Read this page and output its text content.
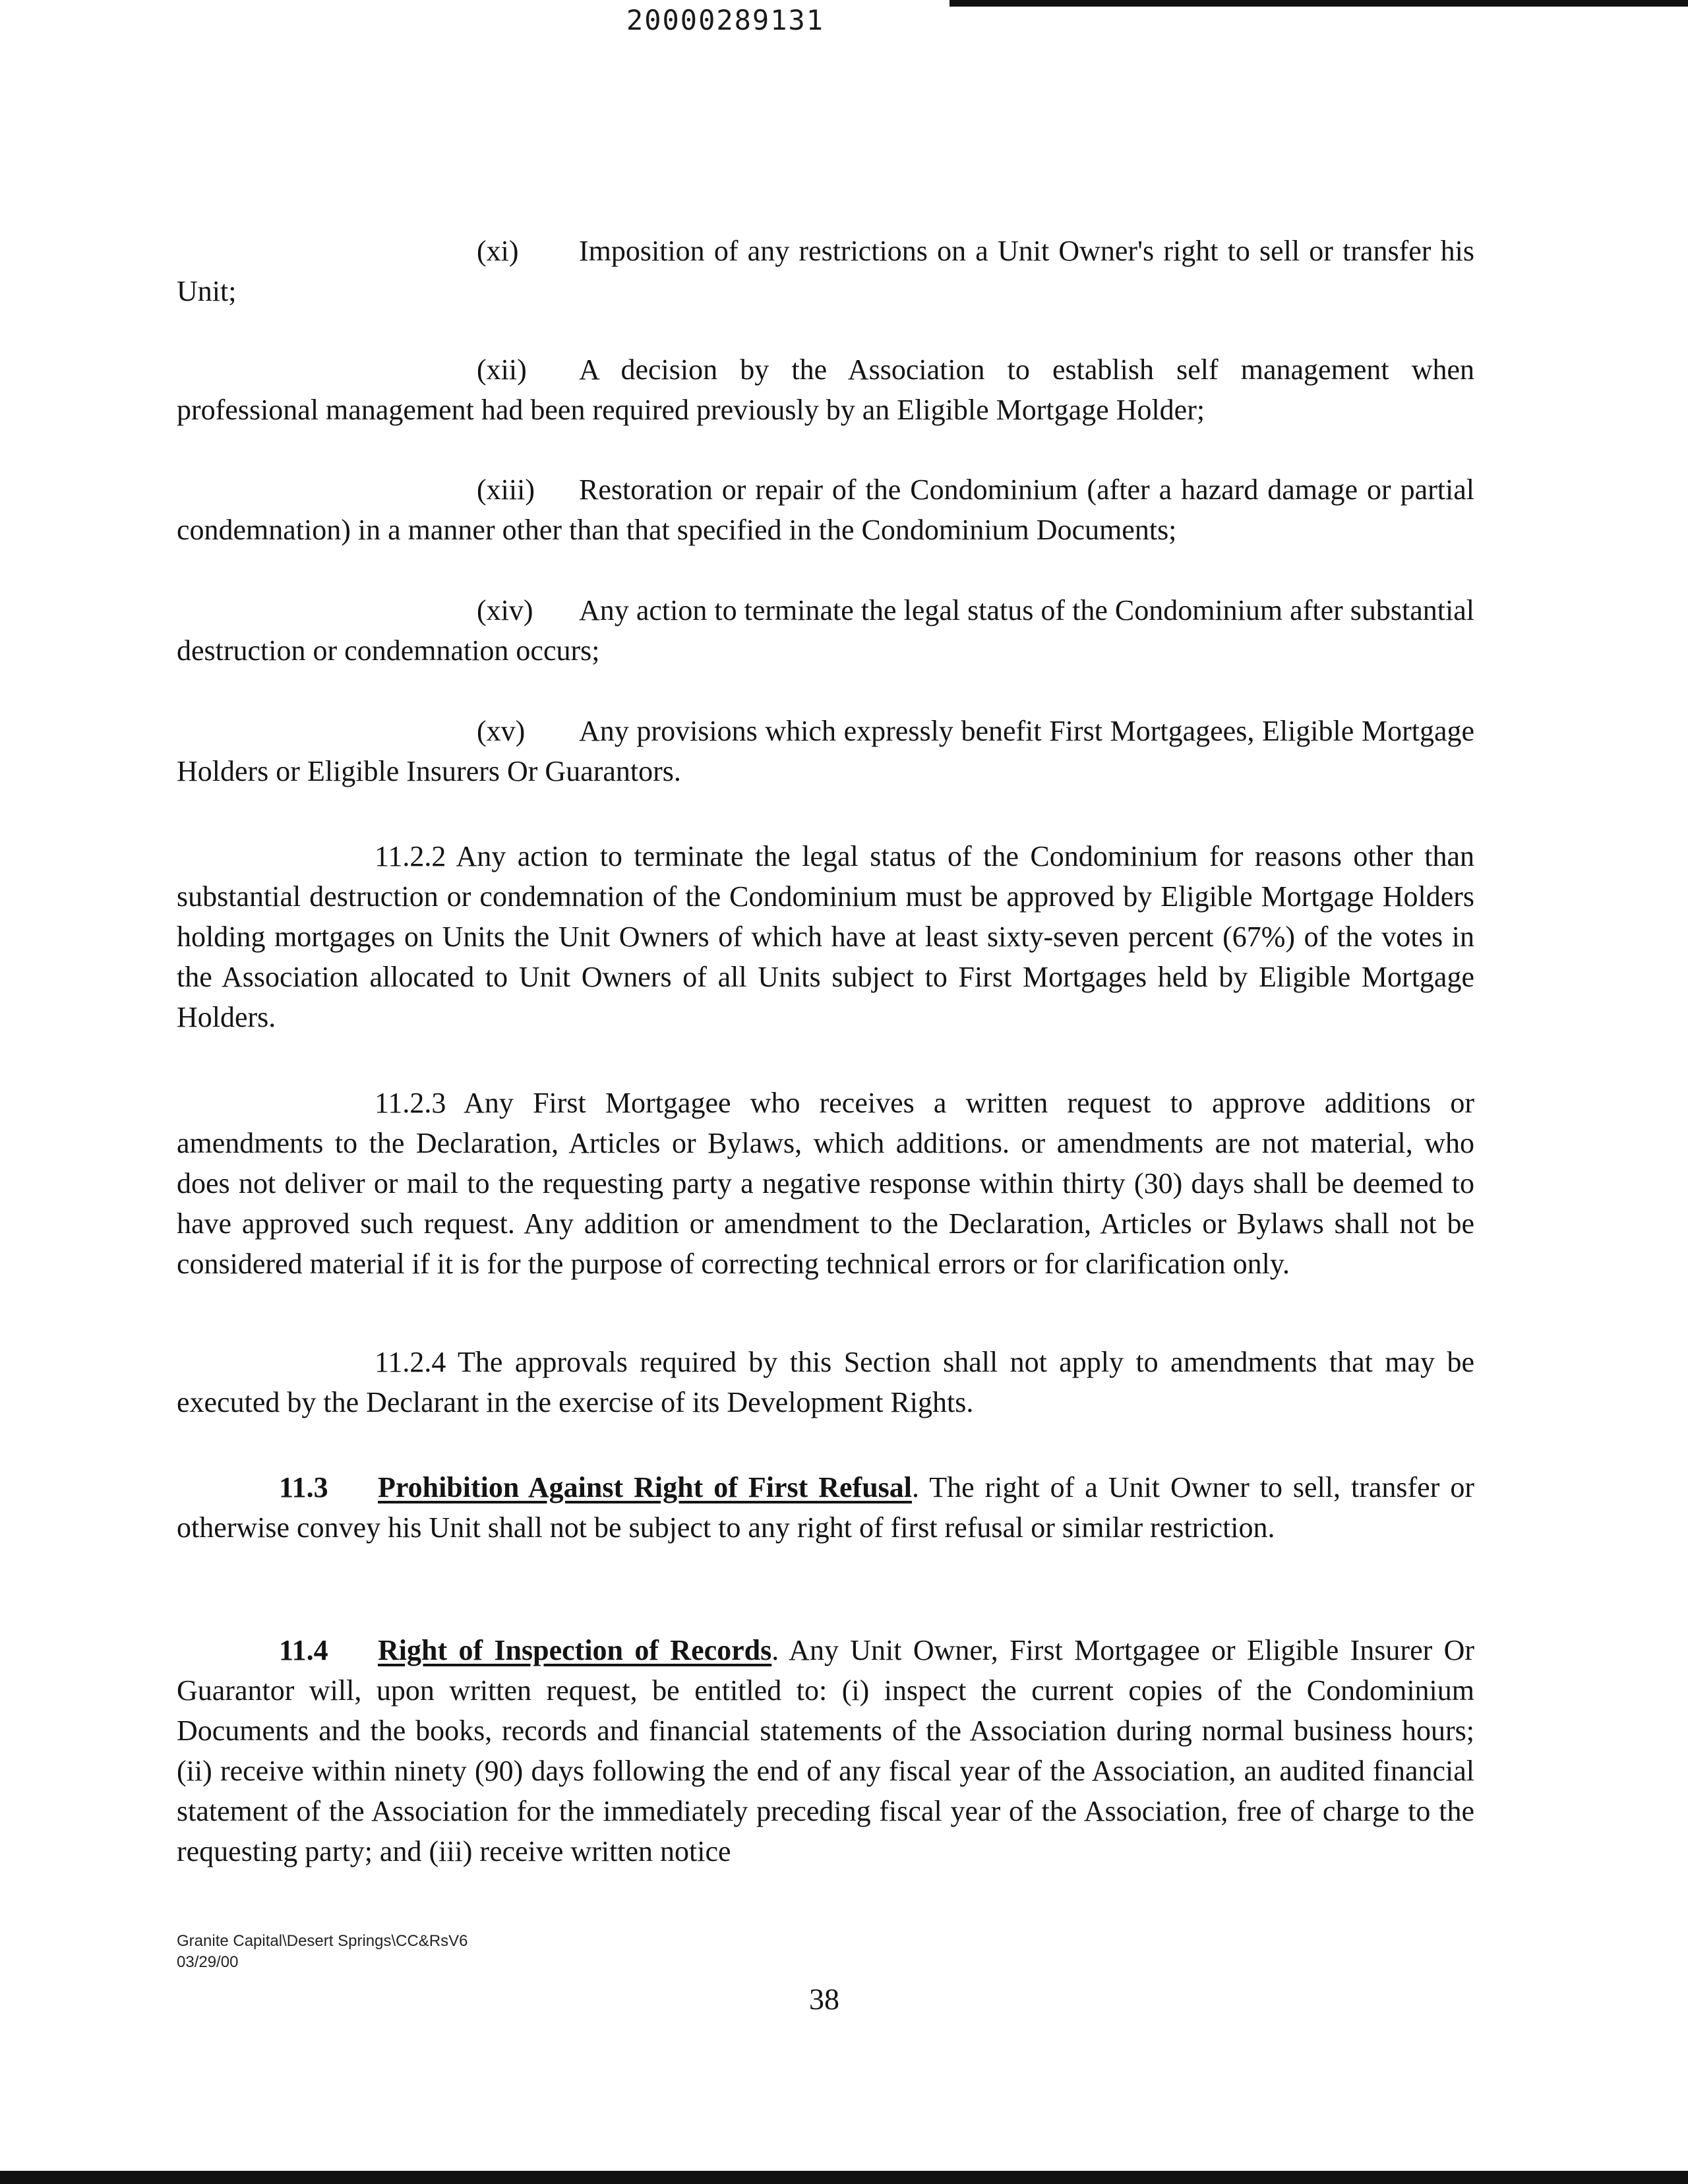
20000289131

(xi) Imposition of any restrictions on a Unit Owner's right to sell or transfer his Unit;

(xii) A decision by the Association to establish self management when professional management had been required previously by an Eligible Mortgage Holder;

(xiii) Restoration or repair of the Condominium (after a hazard damage or partial condemnation) in a manner other than that specified in the Condominium Documents;

(xiv) Any action to terminate the legal status of the Condominium after substantial destruction or condemnation occurs;

(xv) Any provisions which expressly benefit First Mortgagees, Eligible Mortgage Holders or Eligible Insurers Or Guarantors.

11.2.2 Any action to terminate the legal status of the Condominium for reasons other than substantial destruction or condemnation of the Condominium must be approved by Eligible Mortgage Holders holding mortgages on Units the Unit Owners of which have at least sixty-seven percent (67%) of the votes in the Association allocated to Unit Owners of all Units subject to First Mortgages held by Eligible Mortgage Holders.

11.2.3 Any First Mortgagee who receives a written request to approve additions or amendments to the Declaration, Articles or Bylaws, which additions. or amendments are not material, who does not deliver or mail to the requesting party a negative response within thirty (30) days shall be deemed to have approved such request. Any addition or amendment to the Declaration, Articles or Bylaws shall not be considered material if it is for the purpose of correcting technical errors or for clarification only.

11.2.4 The approvals required by this Section shall not apply to amendments that may be executed by the Declarant in the exercise of its Development Rights.

11.3 Prohibition Against Right of First Refusal. The right of a Unit Owner to sell, transfer or otherwise convey his Unit shall not be subject to any right of first refusal or similar restriction.

11.4 Right of Inspection of Records. Any Unit Owner, First Mortgagee or Eligible Insurer Or Guarantor will, upon written request, be entitled to: (i) inspect the current copies of the Condominium Documents and the books, records and financial statements of the Association during normal business hours; (ii) receive within ninety (90) days following the end of any fiscal year of the Association, an audited financial statement of the Association for the immediately preceding fiscal year of the Association, free of charge to the requesting party; and (iii) receive written notice

Granite Capital\Desert Springs\CC&RsV6
03/29/00
38
